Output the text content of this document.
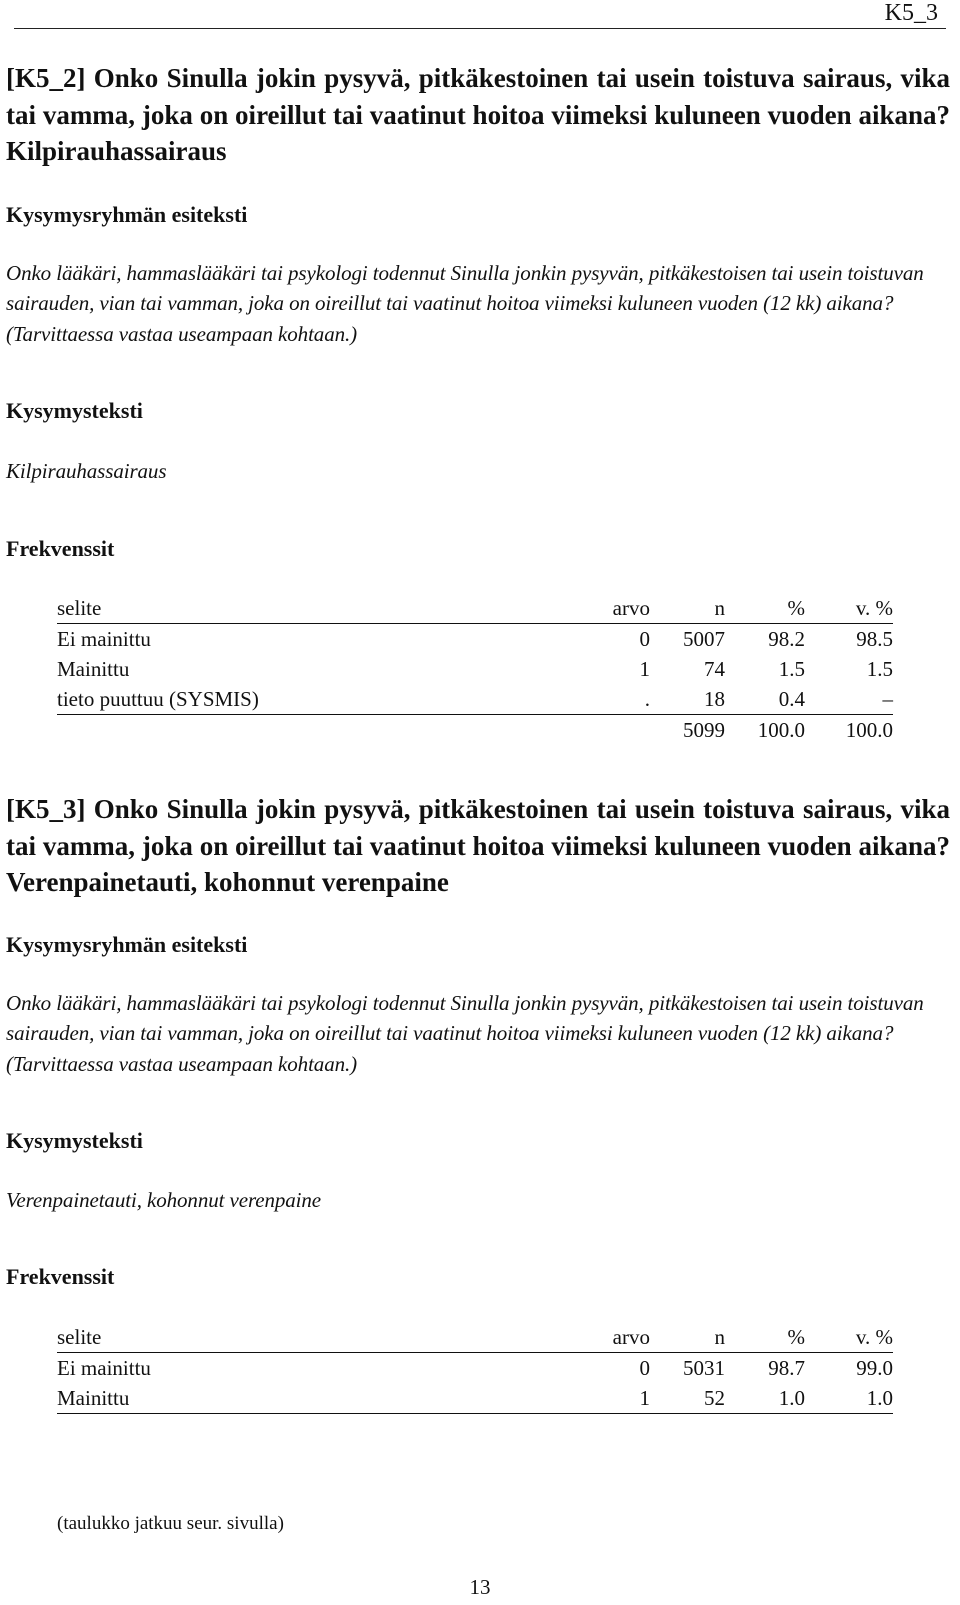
K5_3
[K5_2] Onko Sinulla jokin pysyvä, pitkäkestoinen tai usein toistuva sairaus, vika tai vamma, joka on oireillut tai vaatinut hoitoa viimeksi kuluneen vuoden aikana? Kilpirauhassairaus
Kysymysryhmän esiteksti

Onko lääkäri, hammaslääkäri tai psykologi todennut Sinulla jonkin pysyvän, pitkäkestoisen tai usein toistuvan sairauden, vian tai vamman, joka on oireillut tai vaatinut hoitoa viimeksi kuluneen vuoden (12 kk) aikana? (Tarvittaessa vastaa useampaan kohtaan.)

Kysymysteksti

Kilpirauhassairaus

Frekvenssit
selite	arvo	n	%	v. %
Ei mainittu	0	5007	98.2	98.5
Mainittu	1	74	1.5	1.5
tieto puuttuu (SYSMIS)	.	18	0.4	–
		5099	100.0	100.0
[K5_3] Onko Sinulla jokin pysyvä, pitkäkestoinen tai usein toistuva sairaus, vika tai vamma, joka on oireillut tai vaatinut hoitoa viimeksi kuluneen vuoden aikana? Verenpainetauti, kohonnut verenpaine
Kysymysryhmän esiteksti

Onko lääkäri, hammaslääkäri tai psykologi todennut Sinulla jonkin pysyvän, pitkäkestoisen tai usein toistuvan sairauden, vian tai vamman, joka on oireillut tai vaatinut hoitoa viimeksi kuluneen vuoden (12 kk) aikana? (Tarvittaessa vastaa useampaan kohtaan.)

Kysymysteksti

Verenpainetauti, kohonnut verenpaine

Frekvenssit
selite	arvo	n	%	v. %
Ei mainittu	0	5031	98.7	99.0
Mainittu	1	52	1.0	1.0
(taulukko jatkuu seur. sivulla)
13
